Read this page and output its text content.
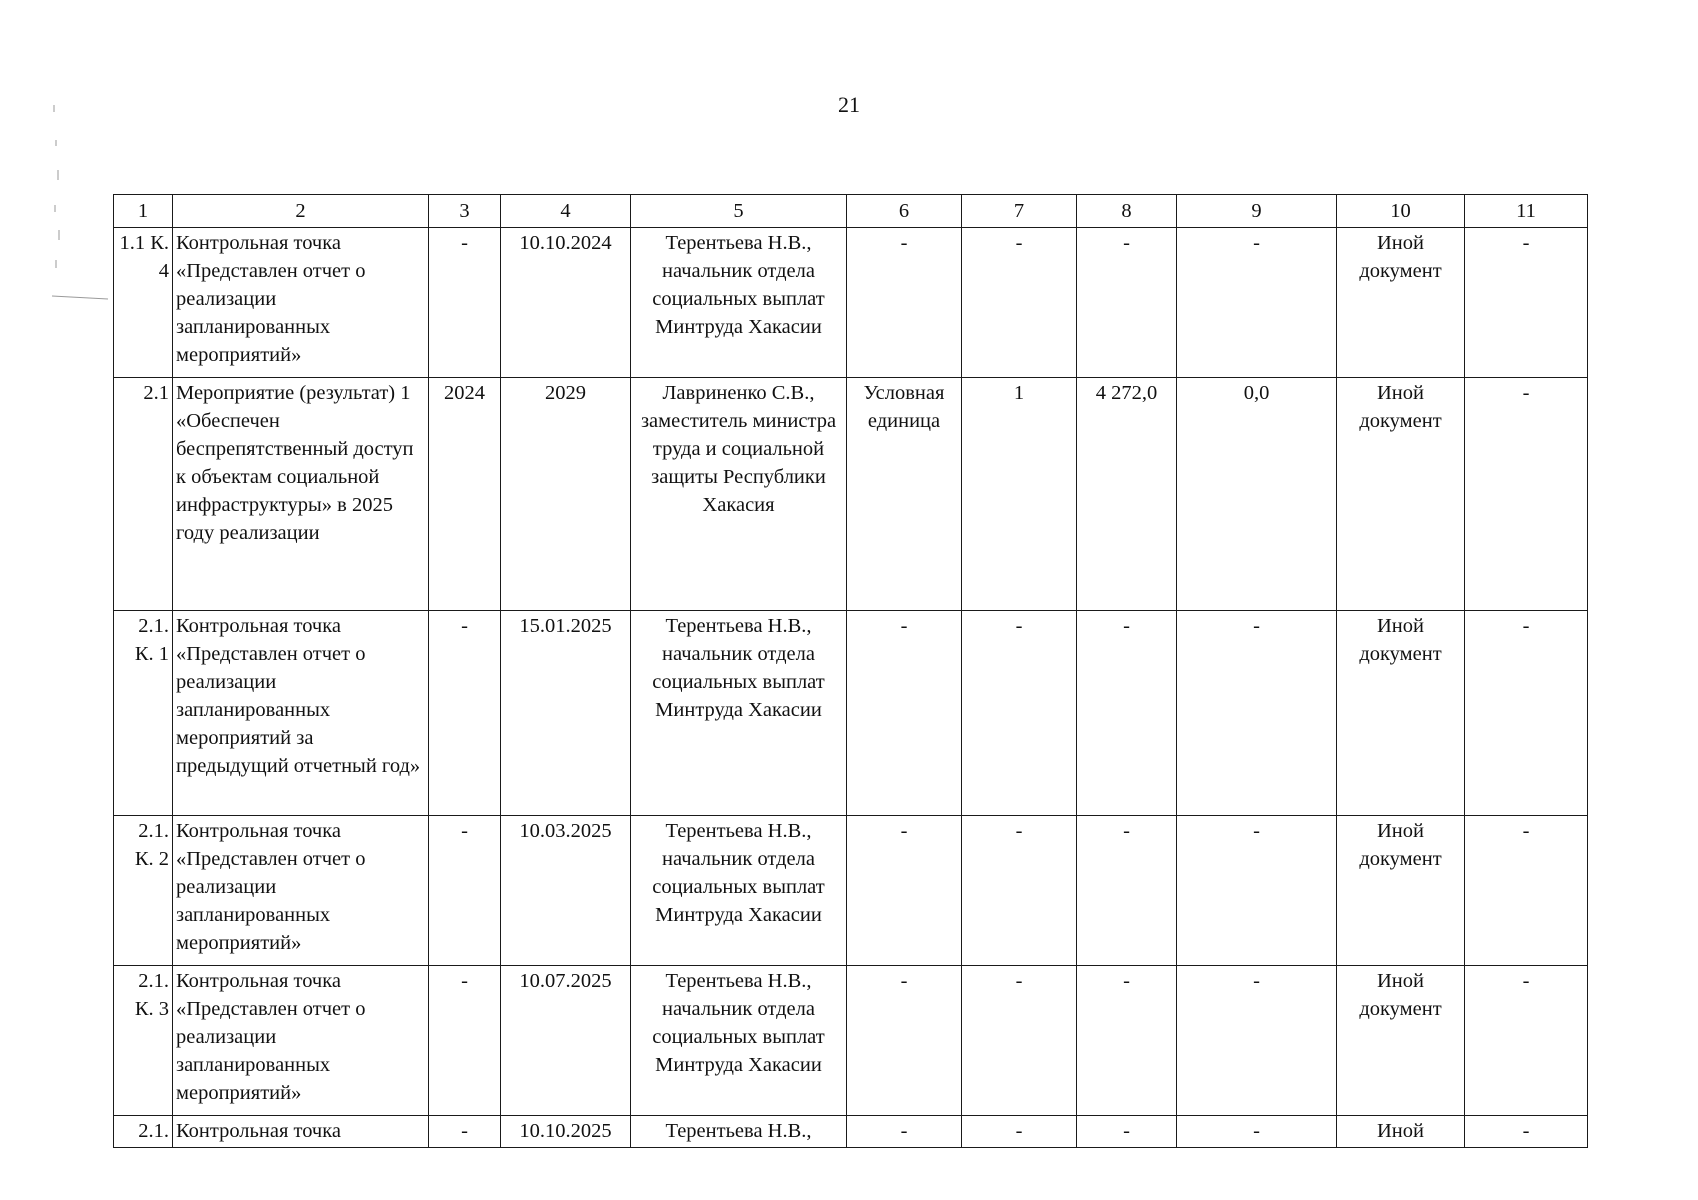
21
1	2	3	4	5	6	7	8	9	10	11
1.1 К. 4	Контрольная точка «Представлен отчет о реализации запланированных мероприятий»	-	10.10.2024	Терентьева Н.В., начальник отдела социальных выплат Минтруда Хакасии	-	-	-	-	Иной документ	-
2.1	Мероприятие (результат) 1 «Обеспечен беспрепятственный доступ к объектам социальной инфраструктуры» в 2025 году реализации	2024	2029	Лавриненко С.В., заместитель министра труда и социальной защиты Республики Хакасия	Условная единица	1	4 272,0	0,0	Иной документ	-
2.1. К. 1	Контрольная точка «Представлен отчет о реализации запланированных мероприятий за предыдущий отчетный год»	-	15.01.2025	Терентьева Н.В., начальник отдела социальных выплат Минтруда Хакасии	-	-	-	-	Иной документ	-
2.1. К. 2	Контрольная точка «Представлен отчет о реализации запланированных мероприятий»	-	10.03.2025	Терентьева Н.В., начальник отдела социальных выплат Минтруда Хакасии	-	-	-	-	Иной документ	-
2.1. К. 3	Контрольная точка «Представлен отчет о реализации запланированных мероприятий»	-	10.07.2025	Терентьева Н.В., начальник отдела социальных выплат Минтруда Хакасии	-	-	-	-	Иной документ	-
2.1.	Контрольная точка	-	10.10.2025	Терентьева Н.В.,	-	-	-	-	Иной	-
